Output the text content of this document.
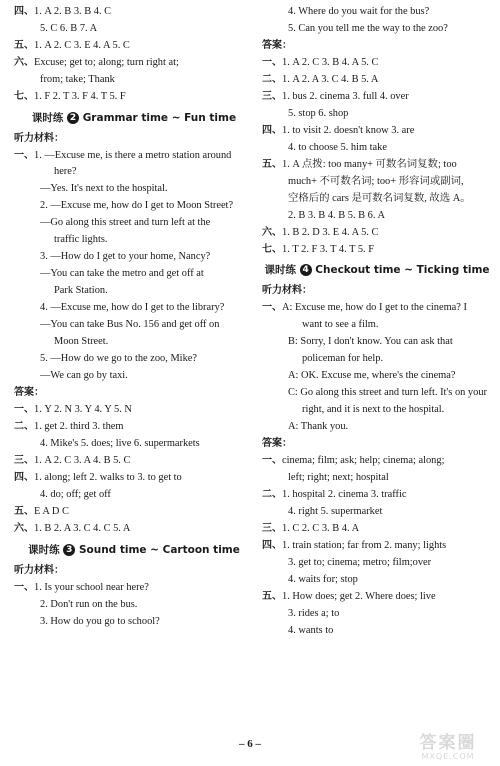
四、1. A 2. B 3. B 4. C
5. C 6. B 7. A
五、1. A 2. C 3. E 4. A 5. C
六、Excuse; get to; along; turn right at;
from; take; Thank
七、1. F 2. T 3. F 4. T 5. F
课时练 2 Grammar time ~ Fun time
听力材料：
一、1. —Excuse me, is there a metro station around
here?
—Yes. It's next to the hospital.
2. —Excuse me, how do I get to Moon Street?
—Go along this street and turn left at the
traffic lights.
3. —How do I get to your home, Nancy?
—You can take the metro and get off at
Park Station.
4. —Excuse me, how do I get to the library?
—You can take Bus No. 156 and get off on
Moon Street.
5. —How do we go to the zoo, Mike?
—We can go by taxi.
答案：
一、1. Y 2. N 3. Y 4. Y 5. N
二、1. get 2. third 3. them
4. Mike's 5. does; live 6. supermarkets
三、1. A 2. C 3. A 4. B 5. C
四、1. along; left 2. walks to 3. to get to
4. do; off; get off
五、E A D C
六、1. B 2. A 3. C 4. C 5. A
课时练 3 Sound time ~ Cartoon time
听力材料：
一、1. Is your school near here?
2. Don't run on the bus.
3. How do you go to school?
4. Where do you wait for the bus?
5. Can you tell me the way to the zoo?
答案：
一、1. A 2. C 3. B 4. A 5. C
二、1. A 2. A 3. C 4. B 5. A
三、1. bus 2. cinema 3. full 4. over
5. stop 6. shop
四、1. to visit 2. doesn't know 3. are
4. to choose 5. him take
五、1. A 点拨: too many+ 可数名词复数; too
much+ 不可数名词; too+ 形容词或副词,
空格后的 cars 是可数名词复数, 故选 A。
2. B 3. B 4. B 5. B 6. A
六、1. B 2. D 3. E 4. A 5. C
七、1. T 2. F 3. T 4. T 5. F
课时练 4 Checkout time ~ Ticking time
听力材料：
一、A: Excuse me, how do I get to the cinema? I
want to see a film.
B: Sorry, I don't know. You can ask that
policeman for help.
A: OK. Excuse me, where's the cinema?
C: Go along this street and turn left. It's on your
right, and it is next to the hospital.
A: Thank you.
答案：
一、cinema; film; ask; help; cinema; along;
left; right; next; hospital
二、1. hospital 2. cinema 3. traffic
4. right 5. supermarket
三、1. C 2. C 3. B 4. A
四、1. train station; far from 2. many; lights
3. get to; cinema; metro; film;over
4. waits for; stop
五、1. How does; get 2. Where does; live
3. rides a; to
4. wants to
– 6 –	答案圈
MXQE.COM
